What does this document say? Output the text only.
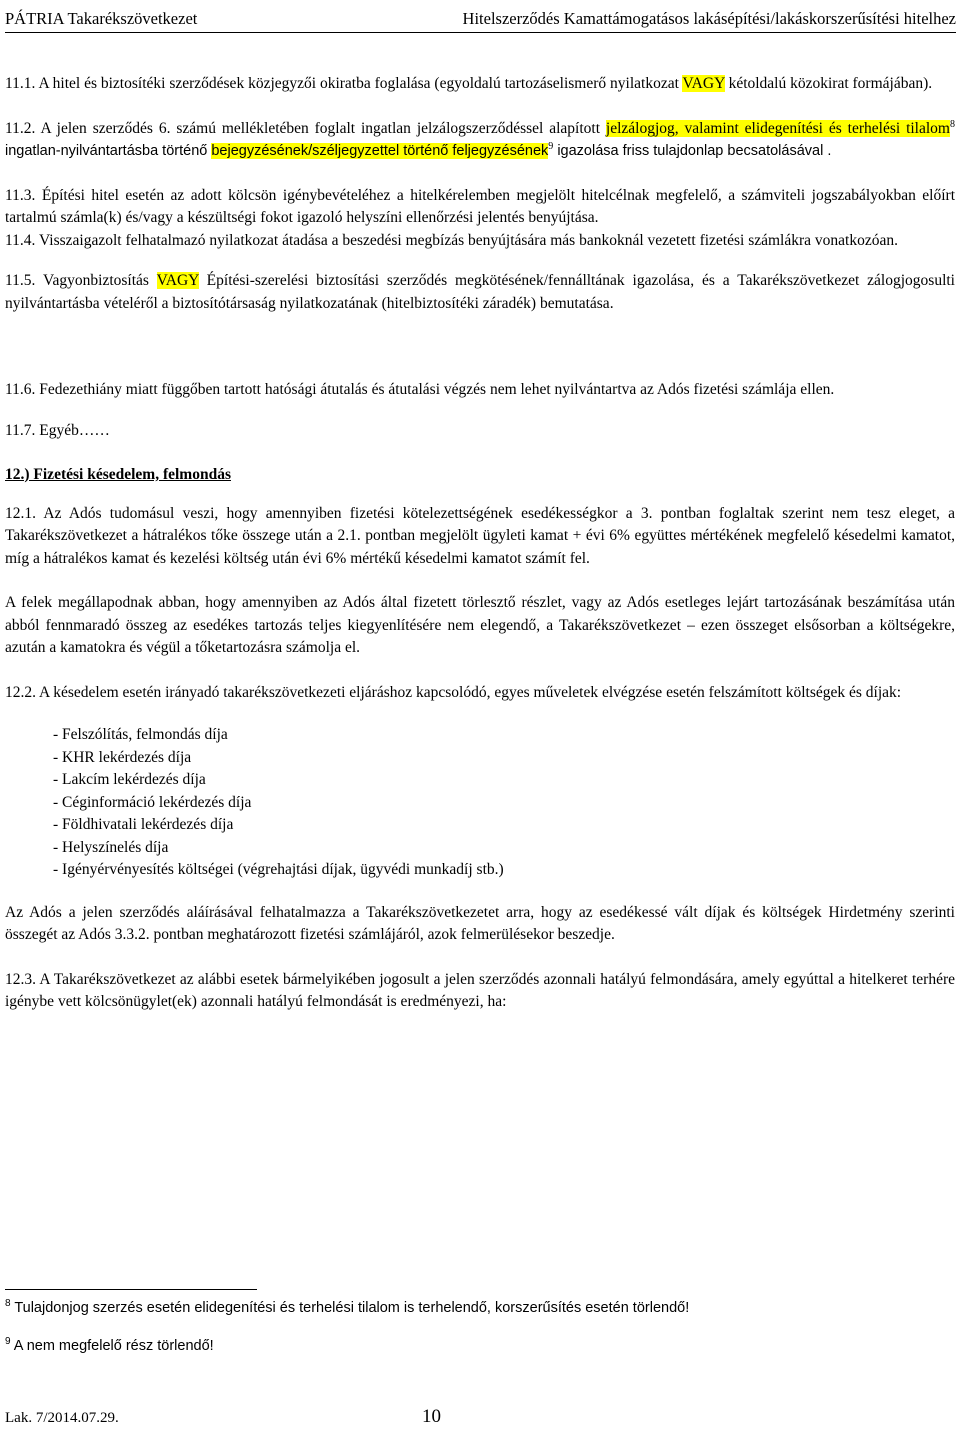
PÁTRIA Takarékszövetkezet	Hitelszerződés Kamattámogatásos lakásépítési/lakáskorszerűsítési hitelhez

11.1. A hitel és biztosítéki szerződések közjegyzői okiratba foglalása (egyoldalú tartozáselismerő nyilatkozat VAGY kétoldalú közokirat formájában).

11.2. A jelen szerződés 6. számú mellékletében foglalt ingatlan jelzálogszerződéssel alapított jelzálogjog, valamint elidegenítési és terhelési tilalom$^8$ ingatlan-nyilvántartásba történő bejegyzésének/széljegyzettel történő feljegyzésének$^9$ igazolása friss tulajdonlap becsatolásával .

11.3. Építési hitel esetén az adott kölcsön igénybevételéhez a hitelkérelemben megjelölt hitelcélnak megfelelő, a számviteli jogszabályokban előírt tartalmú számla(k) és/vagy a készültségi fokot igazoló helyszíni ellenőrzési jelentés benyújtása.

11.4. Visszaigazolt felhatalmazó nyilatkozat átadása a beszedési megbízás benyújtására más bankoknál vezetett fizetési számlákra vonatkozóan.

11.5. Vagyonbiztosítás VAGY Építési-szerelési biztosítási szerződés megkötésének/fennálltának igazolása, és a Takarékszövetkezet zálogjogosulti nyilvántartásba vételéről a biztosítótársaság nyilatkozatának (hitelbiztosítéki záradék) bemutatása.

11.6. Fedezethiány miatt függőben tartott hatósági átutalás és átutalási végzés nem lehet nyilvántartva az Adós fizetési számlája ellen.

11.7. Egyéb……

12.) Fizetési késedelem, felmondás

12.1. Az Adós tudomásul veszi, hogy amennyiben fizetési kötelezettségének esedékességkor a 3. pontban foglaltak szerint nem tesz eleget, a Takarékszövetkezet a hátralékos tőke összege után a 2.1. pontban megjelölt ügyleti kamat + évi 6% együttes mértékének megfelelő késedelmi kamatot, míg a hátralékos kamat és kezelési költség után évi 6% mértékű késedelmi kamatot számít fel.

A felek megállapodnak abban, hogy amennyiben az Adós által fizetett törlesztő részlet, vagy az Adós esetleges lejárt tartozásának beszámítása után abból fennmaradó összeg az esedékes tartozás teljes kiegyenlítésére nem elegendő, a Takarékszövetkezet – ezen összeget elsősorban a költségekre, azután a kamatokra és végül a tőketartozásra számolja el.

12.2. A késedelem esetén irányadó takarékszövetkezeti eljáráshoz kapcsolódó, egyes műveletek elvégzése esetén felszámított költségek és díjak:

- Felszólítás, felmondás díja
- KHR lekérdezés díja
- Lakcím lekérdezés díja
- Céginformáció lekérdezés díja
- Földhivatali lekérdezés díja
- Helyszínelés díja
- Igényérvényesítés költségei (végrehajtási díjak, ügyvédi munkadíj stb.)

Az Adós a jelen szerződés aláírásával felhatalmazza a Takarékszövetkezetet arra, hogy az esedékessé vált díjak és költségek Hirdetmény szerinti összegét az Adós 3.3.2. pontban meghatározott fizetési számlájáról, azok felmerülésekor beszedje.

12.3. A Takarékszövetkezet az alábbi esetek bármelyikében jogosult a jelen szerződés azonnali hatályú felmondására, amely egyúttal a hitelkeret terhére igénybe vett kölcsönügylet(ek) azonnali hatályú felmondását is eredményezi, ha:

$^8$ Tulajdonjog szerzés esetén elidegenítési és terhelési tilalom is terhelendő, korszerűsítés esetén törlendő!
$^9$ A nem megfelelő rész törlendő!
Lak. 7/2014.07.29.	10
